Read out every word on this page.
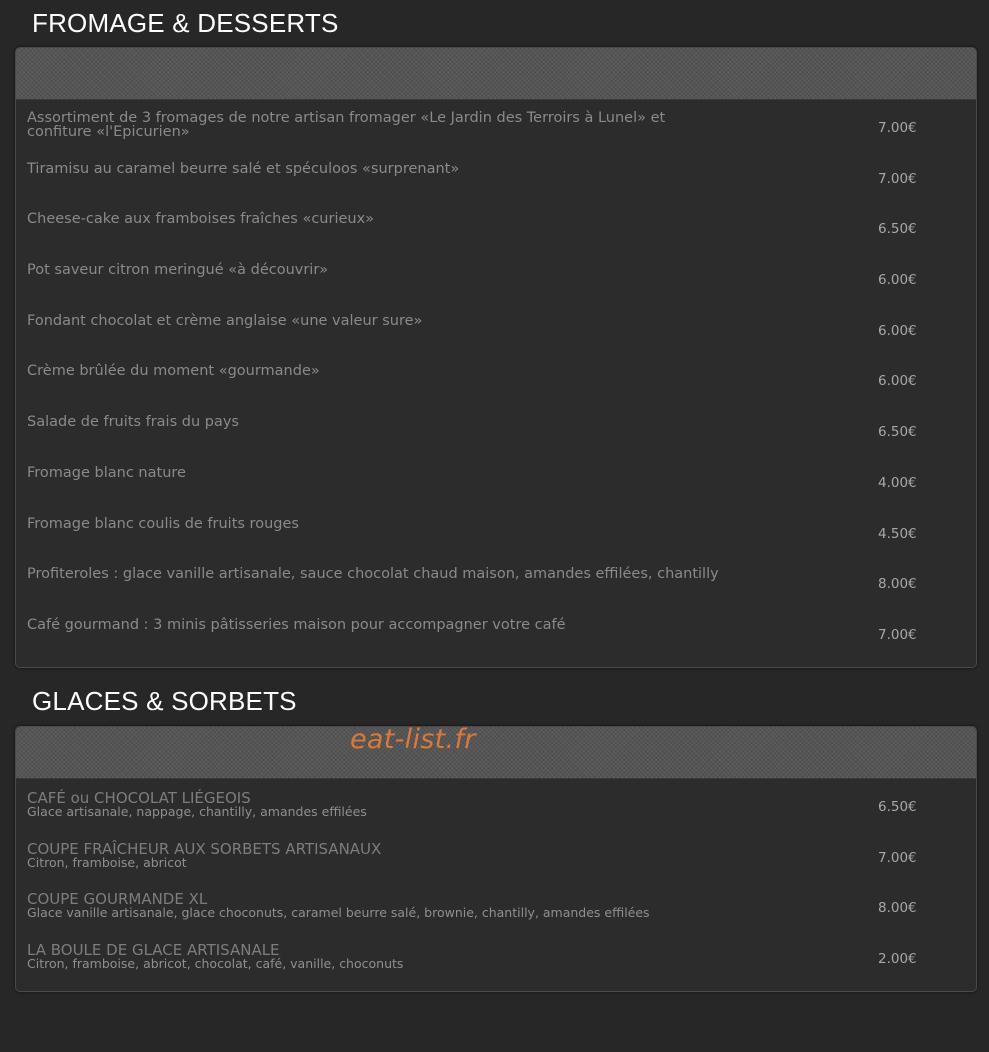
FROMAGE & DESSERTS
Assortiment de 3 fromages de notre artisan fromager «Le Jardin des Terroirs à Lunel» et confiture «l'Epicurien»	7.00€
Tiramisu au caramel beurre salé et spéculoos «surprenant»
7.00€
Cheese-cake aux framboises fraîches «curieux»
6.50€
Pot saveur citron meringué «à découvrir»
6.00€
Fondant chocolat et crème anglaise «une valeur sure»
6.00€
Crème brûlée du moment «gourmande»
6.00€
Salade de fruits frais du pays
6.50€
Fromage blanc nature
4.00€
Fromage blanc coulis de fruits rouges
4.50€
Profiteroles : glace vanille artisanale, sauce chocolat chaud maison, amandes effilées, chantilly
8.00€
Café gourmand : 3 minis pâtisseries maison pour accompagner votre café
7.00€
GLACES & SORBETS
CAFÉ ou CHOCOLAT LIÉGEOIS
Glace artisanale, nappage, chantilly, amandes effilées	6.50€
COUPE FRAÎCHEUR AUX SORBETS ARTISANAUX
Citron, framboise, abricot	7.00€
COUPE GOURMANDE XL
Glace vanille artisanale, glace choconuts, caramel beurre salé, brownie, chantilly, amandes effilées	8.00€
LA BOULE DE GLACE ARTISANALE
Citron, framboise, abricot, chocolat, café, vanille, choconuts	2.00€
eat-list.fr
